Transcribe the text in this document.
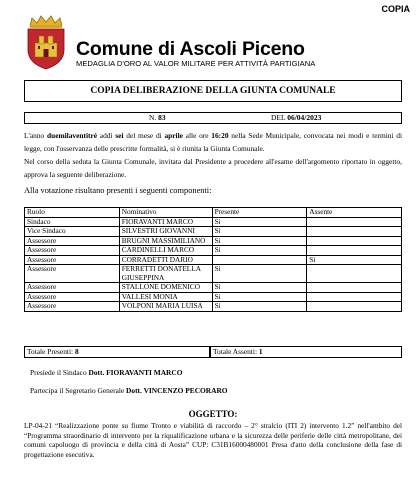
COPIA
Comune di Ascoli Piceno
MEDAGLIA D'ORO AL VALOR MILITARE PER ATTIVITÀ PARTIGIANA
COPIA DELIBERAZIONE DELLA GIUNTA COMUNALE
N. 83	DEL 06/04/2023
L'anno duemilaventitré addì sei del mese di aprile alle ore 16:20 nella Sede Municipale, convocata nei modi e termini di legge, con l'osservanza delle prescritte formalità, si è riunita la Giunta Comunale.
Nel corso della seduta la Giunta Comunale, invitata dal Presidente a procedere all'esame dell'argomento riportato in oggetto, approva la seguente deliberazione.
Alla votazione risultano presenti i seguenti componenti:
Ruolo	Nominativo	Presente	Assente
Sindaco	FIORAVANTI MARCO	Si	
Vice Sindaco	SILVESTRI GIOVANNI	Si	
Assessore	BRUGNI MASSIMILIANO	Si	
Assessore	CARDINELLI MARCO	Si	
Assessore	CORRADETTI DARIO		Si
Assessore	FERRETTI DONATELLA GIUSEPPINA	Si	
Assessore	STALLONE DOMENICO	Si	
Assessore	VALLESI MONIA	Si	
Assessore	VOLPONI MARIA LUISA	Si	
Totale Presenti: 8	Totale Assenti: 1
Presiede il Sindaco Dott. FIORAVANTI MARCO
Partecipa il Segretario Generale Dott. VINCENZO PECORARO
OGGETTO:
LP-04-21 “Realizzazione ponte su fiume Tronto e viabilità di raccordo – 2° stralcio (ITI 2) intervento 1.2” nell'ambito del “Programma straordinario di intervento per la riqualificazione urbana e la sicurezza delle periferie delle città metropolitane, dei comuni capoluogo di provincia e della città di Aosta” CUP: C31B16000480001 Presa d'atto della conclusione della fase di progettazione esecutiva.
